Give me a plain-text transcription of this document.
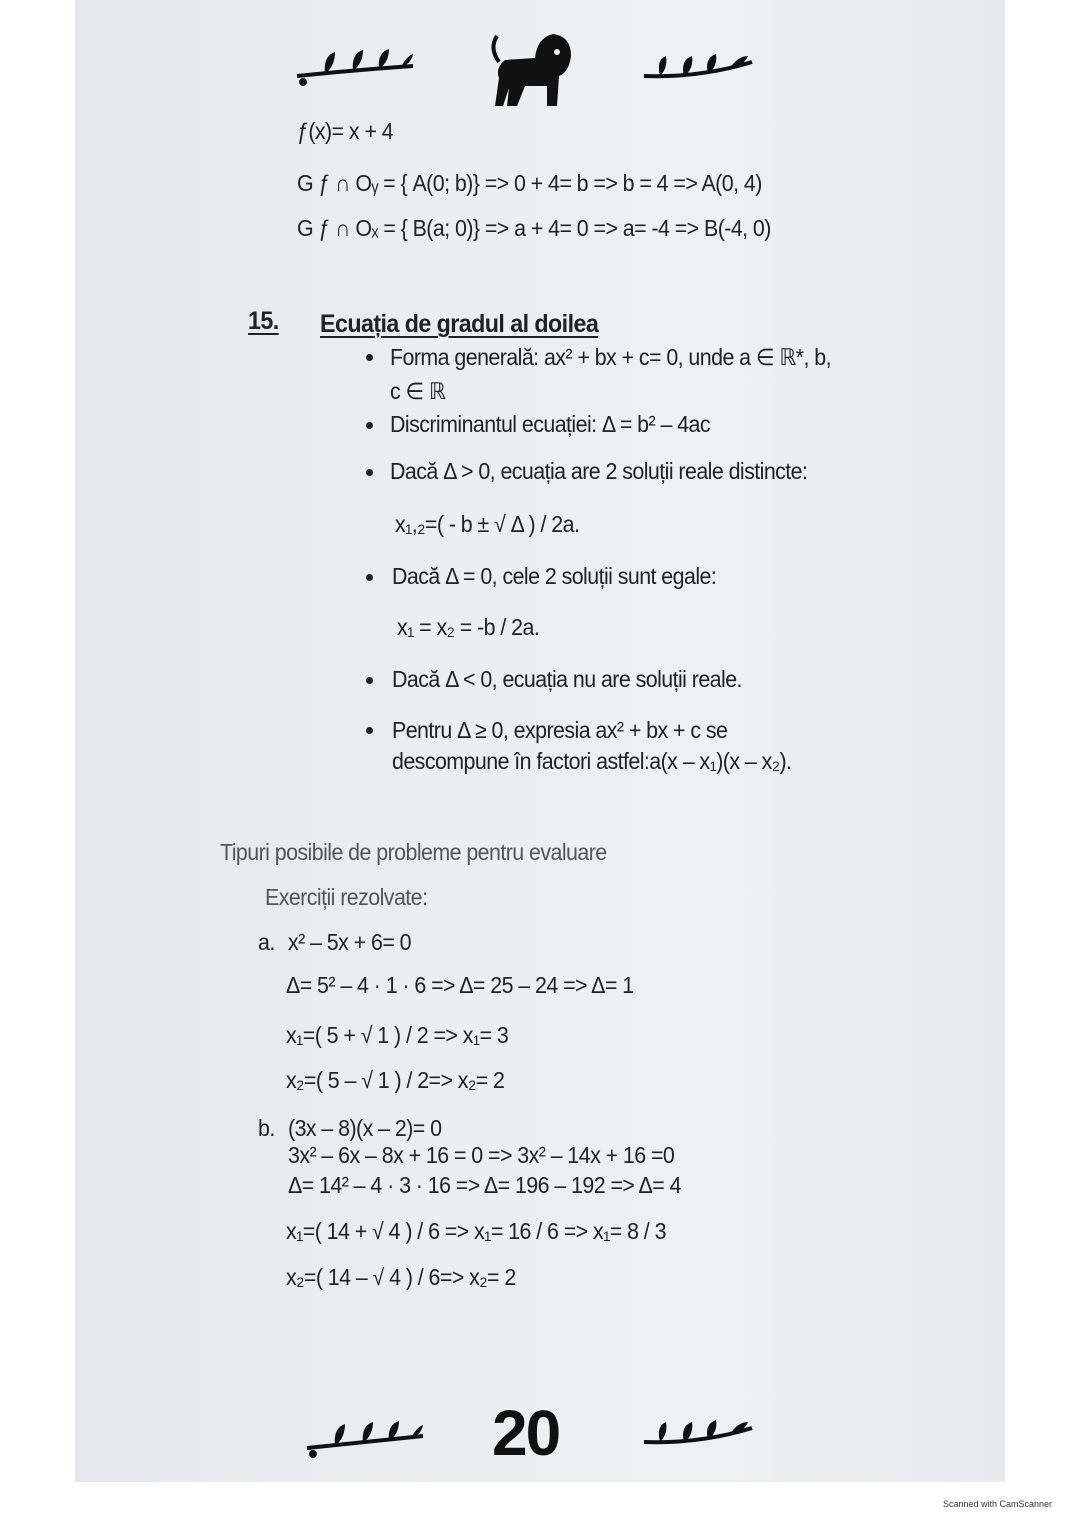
ƒ(x)= x + 4
G ƒ ∩ Oᵧ = { A(0; b)} => 0 + 4= b => b = 4 => A(0, 4)
G ƒ ∩ Oₓ = { B(a; 0)} => a + 4= 0 => a= -4 => B(-4, 0)
15. Ecuația de gradul al doilea
Forma generală: ax² + bx + c= 0, unde a ∈ ℝ*, b,
c ∈ ℝ
Discriminantul ecuației: Δ = b² – 4ac
Dacă Δ > 0, ecuația are 2 soluții reale distincte:
x₁,₂=( - b ± √ Δ ) / 2a.
Dacă Δ = 0, cele 2 soluții sunt egale:
x₁ = x₂ = -b / 2a.
Dacă Δ < 0, ecuația nu are soluții reale.
Pentru Δ ≥ 0, expresia ax² + bx + c se
descompune în factori astfel:a(x – x₁)(x – x₂).
Tipuri posibile de probleme pentru evaluare
Exerciții rezolvate:
a. x² – 5x + 6= 0
Δ= 5² – 4 · 1 · 6 => Δ= 25 – 24 => Δ= 1
x₁=( 5 + √ 1 ) / 2 => x₁= 3
x₂=( 5 – √ 1 ) / 2=> x₂= 2
b. (3x – 8)(x – 2)= 0
3x² – 6x – 8x + 16 = 0 => 3x² – 14x + 16 =0
Δ= 14² – 4 · 3 · 16 => Δ= 196 – 192 => Δ= 4
x₁=( 14 + √ 4 ) / 6 => x₁= 16 / 6 => x₁= 8 / 3
x₂=( 14 – √ 4 ) / 6=> x₂= 2
20
Scanned with CamScanner
